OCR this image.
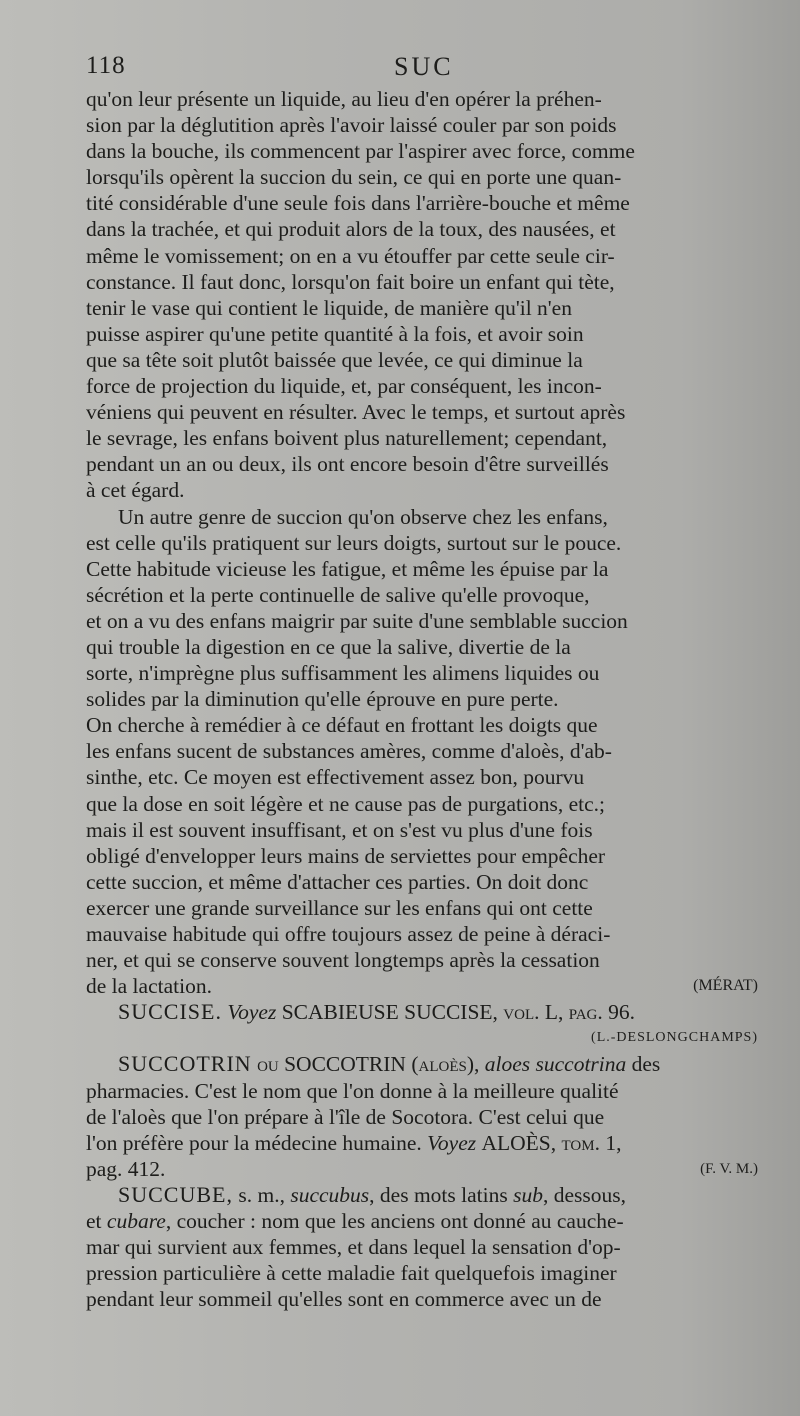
118	SUC
qu'on leur présente un liquide, au lieu d'en opérer la préhen-
sion par la déglutition après l'avoir laissé couler par son poids
dans la bouche, ils commencent par l'aspirer avec force, comme
lorsqu'ils opèrent la succion du sein, ce qui en porte une quan-
tité considérable d'une seule fois dans l'arrière-bouche et même
dans la trachée, et qui produit alors de la toux, des nausées, et
même le vomissement; on en a vu étouffer par cette seule cir-
constance. Il faut donc, lorsqu'on fait boire un enfant qui tète,
tenir le vase qui contient le liquide, de manière qu'il n'en
puisse aspirer qu'une petite quantité à la fois, et avoir soin
que sa tête soit plutôt baissée que levée, ce qui diminue la
force de projection du liquide, et, par conséquent, les incon-
véniens qui peuvent en résulter. Avec le temps, et surtout après
le sevrage, les enfans boivent plus naturellement; cependant,
pendant un an ou deux, ils ont encore besoin d'être surveillés
à cet égard.
Un autre genre de succion qu'on observe chez les enfans,
est celle qu'ils pratiquent sur leurs doigts, surtout sur le pouce.
Cette habitude vicieuse les fatigue, et même les épuise par la
sécrétion et la perte continuelle de salive qu'elle provoque,
et on a vu des enfans maigrir par suite d'une semblable succion
qui trouble la digestion en ce que la salive, divertie de la
sorte, n'imprègne plus suffisamment les alimens liquides ou
solides par la diminution qu'elle éprouve en pure perte.
On cherche à remédier à ce défaut en frottant les doigts que
les enfans sucent de substances amères, comme d'aloès, d'ab-
sinthe, etc. Ce moyen est effectivement assez bon, pourvu
que la dose en soit légère et ne cause pas de purgations, etc.;
mais il est souvent insuffisant, et on s'est vu plus d'une fois
obligé d'envelopper leurs mains de serviettes pour empêcher
cette succion, et même d'attacher ces parties. On doit donc
exercer une grande surveillance sur les enfans qui ont cette
mauvaise habitude qui offre toujours assez de peine à déraci-
ner, et qui se conserve souvent longtemps après la cessation
de la lactation.	(MÉRAT)
SUCCISE. Voyez SCABIEUSE SUCCISE, vol. L, pag. 96.
(L.-DESLONGCHAMPS)
SUCCOTRIN ou SOCCOTRIN (aloès), aloes succotrina des
pharmacies. C'est le nom que l'on donne à la meilleure qualité
de l'aloès que l'on prépare à l'île de Socotora. C'est celui que
l'on préfère pour la médecine humaine. Voyez ALOÈS, tom. 1,
pag. 412.	(F. V. M.)
SUCCUBE, s. m., succubus, des mots latins sub, dessous,
et cubare, coucher : nom que les anciens ont donné au cauche-
mar qui survient aux femmes, et dans lequel la sensation d'op-
pression particulière à cette maladie fait quelquefois imaginer
pendant leur sommeil qu'elles sont en commerce avec un de
